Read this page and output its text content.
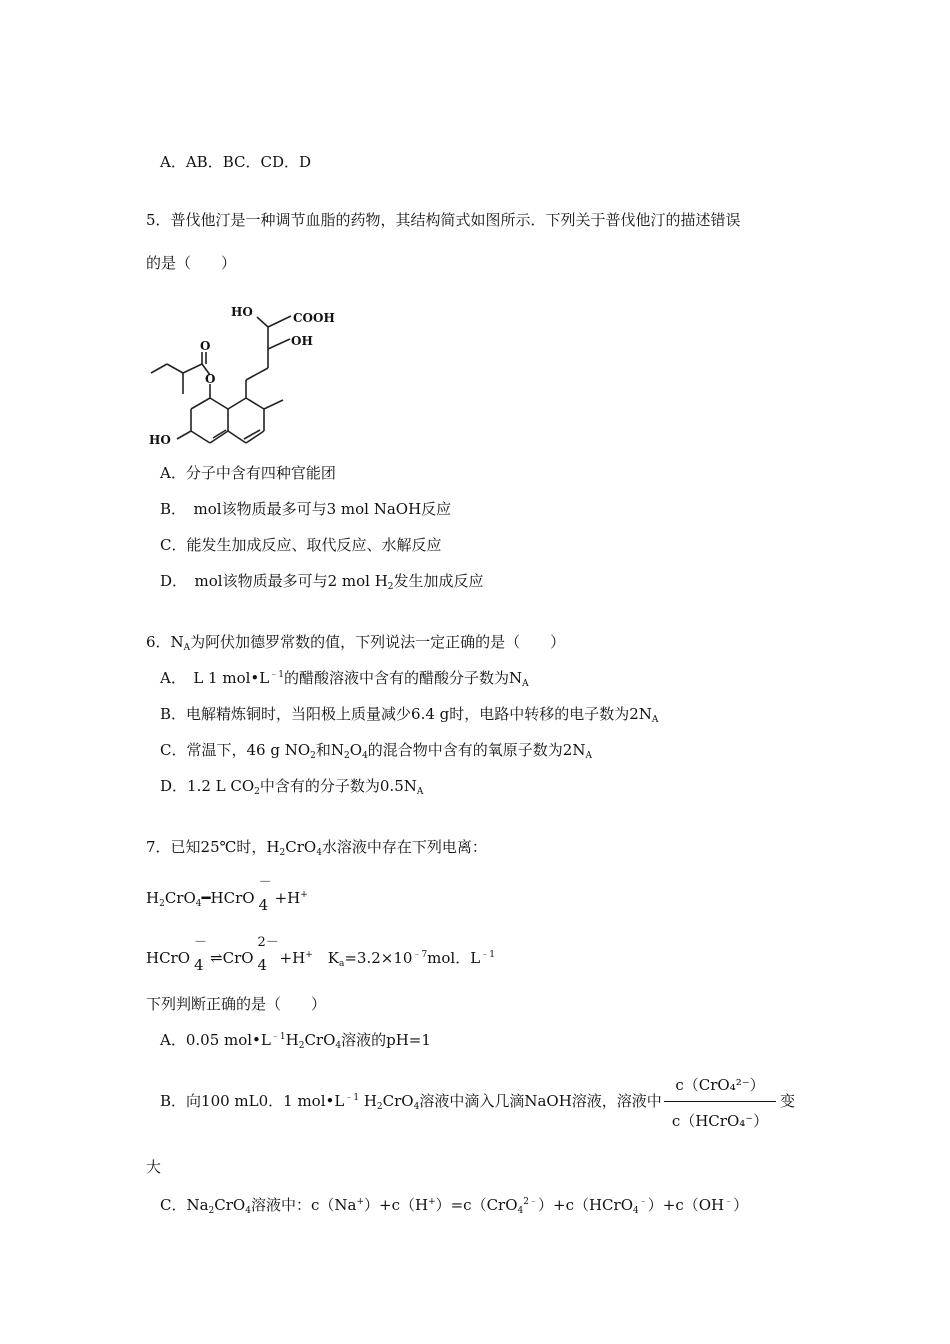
A．AB．BC．CD．D
5．普伐他汀是一种调节血脂的药物，其结构简式如图所示．下列关于普伐他汀的描述错误
的是（　　）
HO	COOH
OH
HO
O
O
A．分子中含有四种官能团
B．　mol该物质最多可与3 mol NaOH反应
C．能发生加成反应、取代反应、水解反应
D．　mol该物质最多可与2 mol $H_2$发生加成反应
6．$N_A$为阿伏加德罗常数的值，下列说法一定正确的是（　　）
A．　L 1 $mol•L^{﹣1}$的醋酸溶液中含有的醋酸分子数为$N_A$
B．电解精炼铜时，当阳极上质量减少6.4 g时，电路中转移的电子数为$2N_A$
C．常温下，46 g $NO_2$和$N_2O_4$的混合物中含有的氧原子数为$2N_A$
D．1.2 L $CO_2$中含有的分子数为$0.5N_A$
7．已知25℃时，$H_2CrO_4$水溶液中存在下列电离：
$H_2CrO_4━HCrO$
－
4 +H+
HCrO
－
4 ⇌CrO
2－
4 +H+　$K_a=3.2\times 10^{﹣7}mol$．$L^{﹣1}$
下列判断正确的是（　　）
A．0.05 $mol•L^{﹣1}H_2CrO_4$溶液的pH=1
B．向100 mL0．1 $mol•L^{﹣1}$ $H_2CrO_4$溶液中滴入几滴NaOH溶液，溶液中
c（CrO₄²⁻）
c（HCrO₄⁻）
变
大
C．$Na_2CrO_4$溶液中：c（Na+）+c（H+）=c（CrO$_4^{2﹣}$）+c（HCrO$_4$﹣）+c（OH﹣）
